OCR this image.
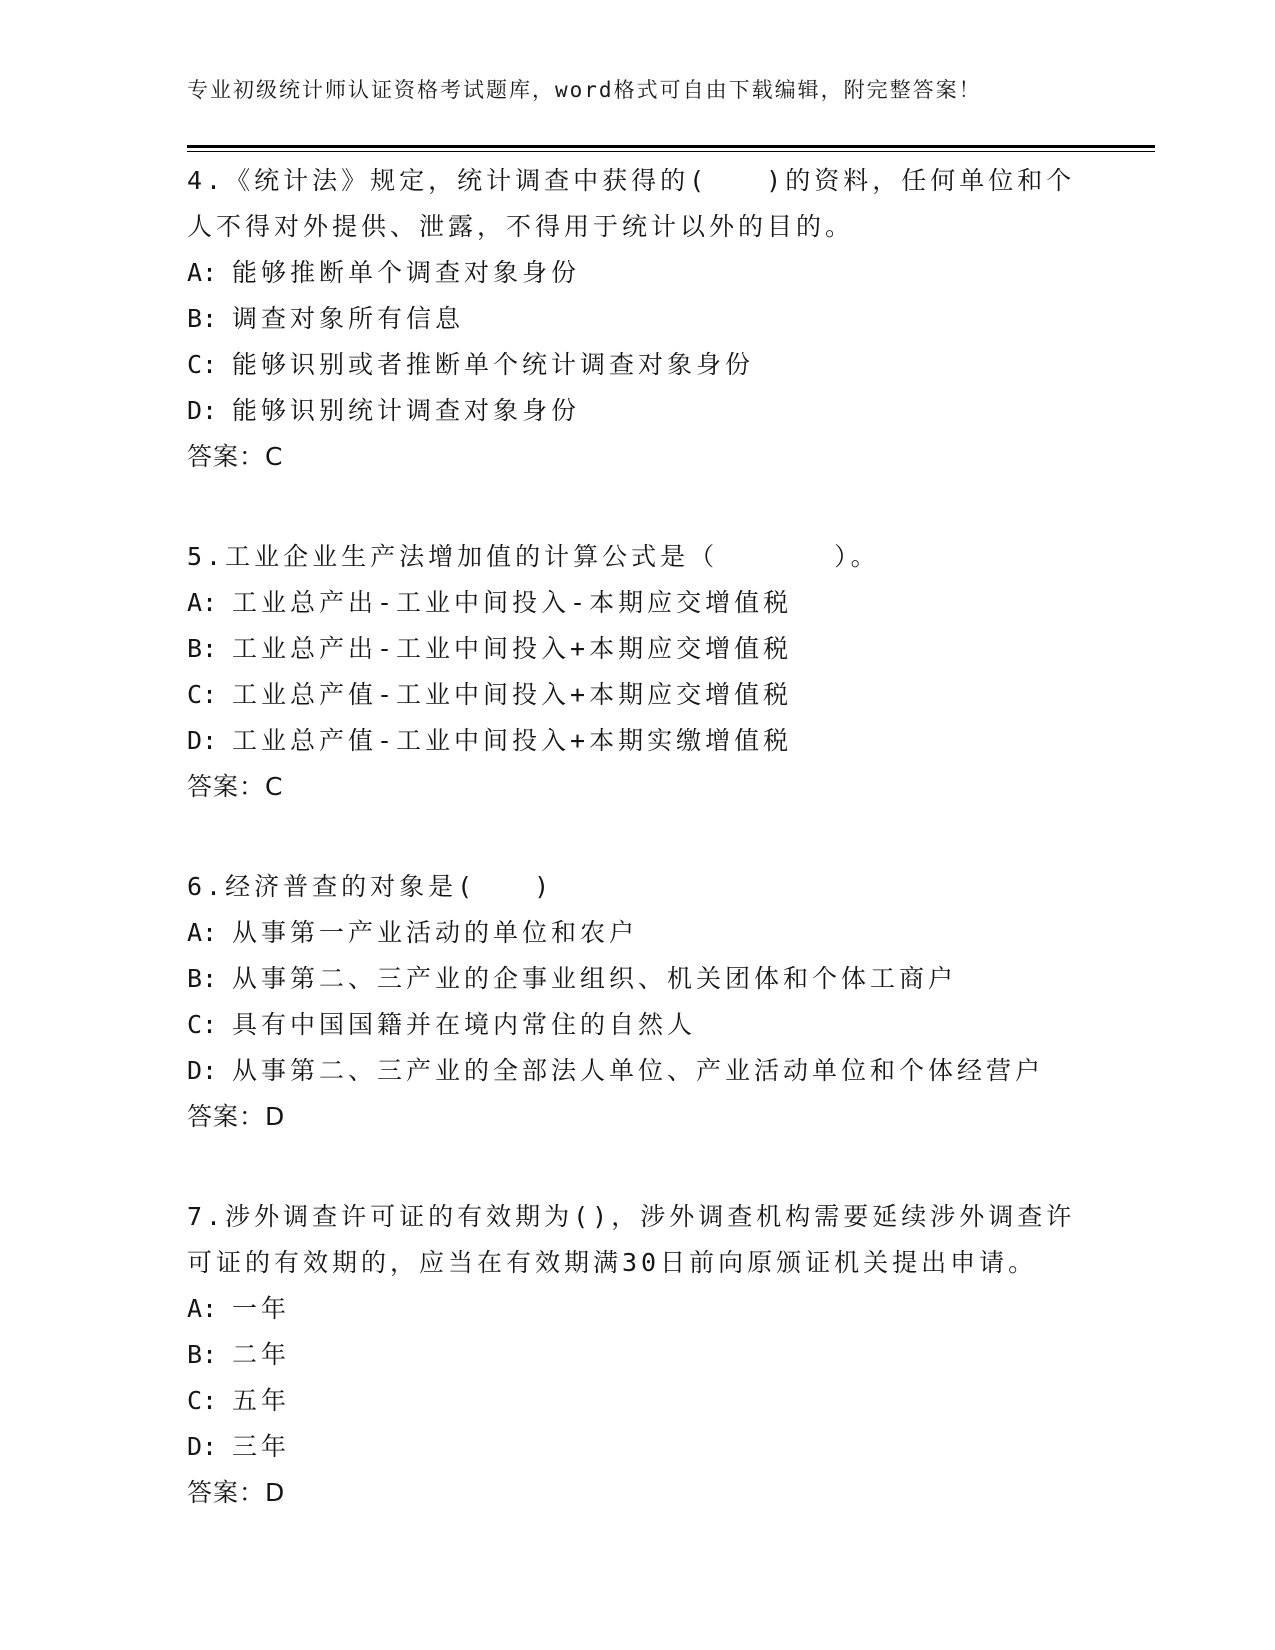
专业初级统计师认证资格考试题库，word格式可自由下载编辑，附完整答案！
4.《统计法》规定，统计调查中获得的(　　)的资料，任何单位和个
人不得对外提供、泄露，不得用于统计以外的目的。
A: 能够推断单个调查对象身份
B: 调查对象所有信息
C: 能够识别或者推断单个统计调查对象身份
D: 能够识别统计调查对象身份
答案：C
5.工业企业生产法增加值的计算公式是（　　　　）。
A: 工业总产出-工业中间投入-本期应交增值税
B: 工业总产出-工业中间投入+本期应交增值税
C: 工业总产值-工业中间投入+本期应交增值税
D: 工业总产值-工业中间投入+本期实缴增值税
答案：C
6.经济普查的对象是(　　)
A: 从事第一产业活动的单位和农户
B: 从事第二、三产业的企事业组织、机关团体和个体工商户
C: 具有中国国籍并在境内常住的自然人
D: 从事第二、三产业的全部法人单位、产业活动单位和个体经营户
答案：D
7.涉外调查许可证的有效期为()，涉外调查机构需要延续涉外调查许
可证的有效期的，应当在有效期满30日前向原颁证机关提出申请。
A: 一年
B: 二年
C: 五年
D: 三年
答案：D
